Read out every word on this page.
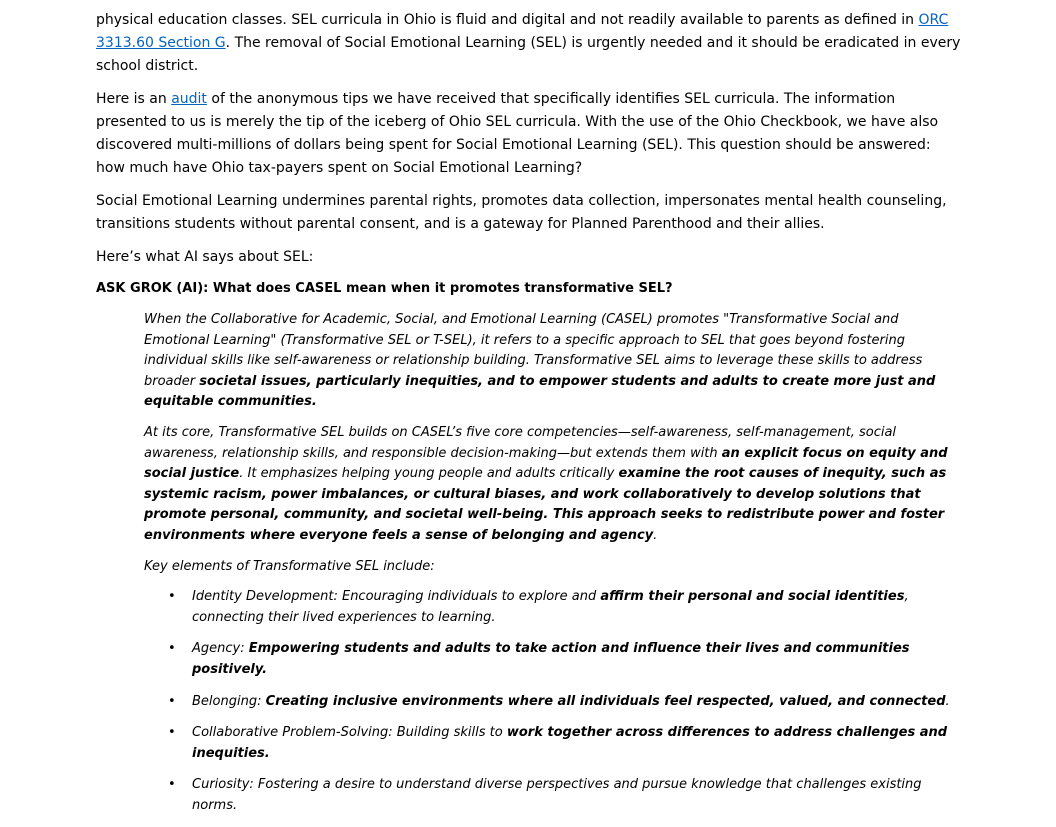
physical education classes. SEL curricula in Ohio is fluid and digital and not readily available to parents as defined in ORC 3313.60 Section G. The removal of Social Emotional Learning (SEL) is urgently needed and it should be eradicated in every school district.

Here is an audit of the anonymous tips we have received that specifically identifies SEL curricula. The information presented to us is merely the tip of the iceberg of Ohio SEL curricula. With the use of the Ohio Checkbook, we have also discovered multi-millions of dollars being spent for Social Emotional Learning (SEL). This question should be answered: how much have Ohio tax-payers spent on Social Emotional Learning?

Social Emotional Learning undermines parental rights, promotes data collection, impersonates mental health counseling, transitions students without parental consent, and is a gateway for Planned Parenthood and their allies.

Here’s what AI says about SEL:

ASK GROK (AI): What does CASEL mean when it promotes transformative SEL?

When the Collaborative for Academic, Social, and Emotional Learning (CASEL) promotes "Transformative Social and Emotional Learning" (Transformative SEL or T-SEL), it refers to a specific approach to SEL that goes beyond fostering individual skills like self-awareness or relationship building. Transformative SEL aims to leverage these skills to address broader societal issues, particularly inequities, and to empower students and adults to create more just and equitable communities.

At its core, Transformative SEL builds on CASEL’s five core competencies—self-awareness, self-management, social awareness, relationship skills, and responsible decision-making—but extends them with an explicit focus on equity and social justice. It emphasizes helping young people and adults critically examine the root causes of inequity, such as systemic racism, power imbalances, or cultural biases, and work collaboratively to develop solutions that promote personal, community, and societal well-being. This approach seeks to redistribute power and foster environments where everyone feels a sense of belonging and agency.

Key elements of Transformative SEL include:

• Identity Development: Encouraging individuals to explore and affirm their personal and social identities, connecting their lived experiences to learning.
• Agency: Empowering students and adults to take action and influence their lives and communities positively.
• Belonging: Creating inclusive environments where all individuals feel respected, valued, and connected.
• Collaborative Problem-Solving: Building skills to work together across differences to address challenges and inequities.
• Curiosity: Fostering a desire to understand diverse perspectives and pursue knowledge that challenges existing norms.
